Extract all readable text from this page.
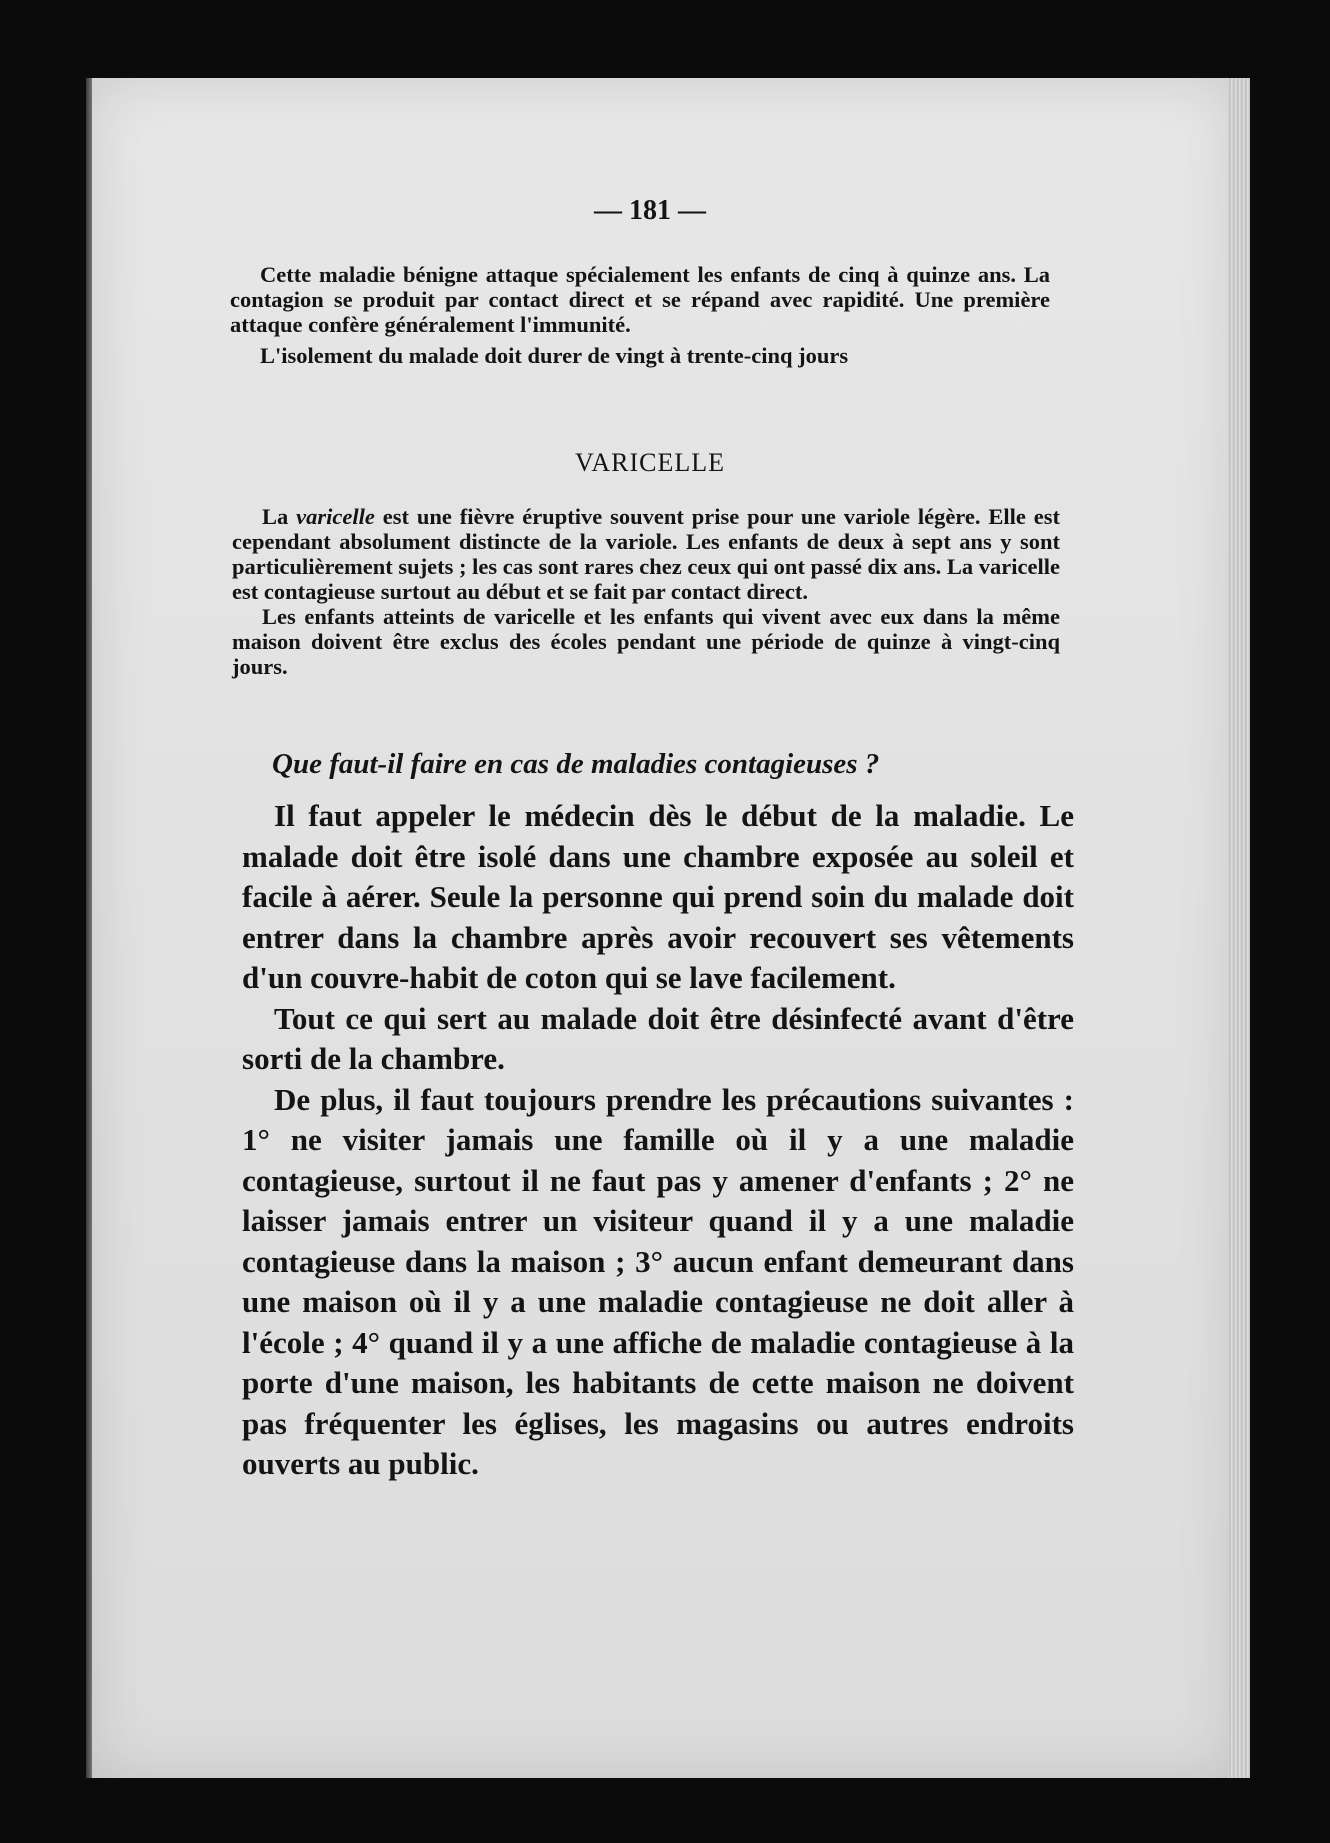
— 181 —

Cette maladie bénigne attaque spécialement les enfants de cinq à quinze ans. La contagion se produit par contact direct et se répand avec rapidité. Une première attaque confère généralement l'immunité.

L'isolement du malade doit durer de vingt à trente-cinq jours

VARICELLE

La varicelle est une fièvre éruptive souvent prise pour une variole légère. Elle est cependant absolument distincte de la variole. Les enfants de deux à sept ans y sont particulièrement sujets ; les cas sont rares chez ceux qui ont passé dix ans. La varicelle est contagieuse surtout au début et se fait par contact direct.

Les enfants atteints de varicelle et les enfants qui vivent avec eux dans la même maison doivent être exclus des écoles pendant une période de quinze à vingt-cinq jours.

Que faut-il faire en cas de maladies contagieuses ?

Il faut appeler le médecin dès le début de la maladie. Le malade doit être isolé dans une chambre exposée au soleil et facile à aérer. Seule la personne qui prend soin du malade doit entrer dans la chambre après avoir recouvert ses vêtements d'un couvre-habit de coton qui se lave facilement.

Tout ce qui sert au malade doit être désinfecté avant d'être sorti de la chambre.

De plus, il faut toujours prendre les précautions suivantes : 1° ne visiter jamais une famille où il y a une maladie contagieuse, surtout il ne faut pas y amener d'enfants ; 2° ne laisser jamais entrer un visiteur quand il y a une maladie contagieuse dans la maison ; 3° aucun enfant demeurant dans une maison où il y a une maladie contagieuse ne doit aller à l'école ; 4° quand il y a une affiche de maladie contagieuse à la porte d'une maison, les habitants de cette maison ne doivent pas fréquenter les églises, les magasins ou autres endroits ouverts au public.
